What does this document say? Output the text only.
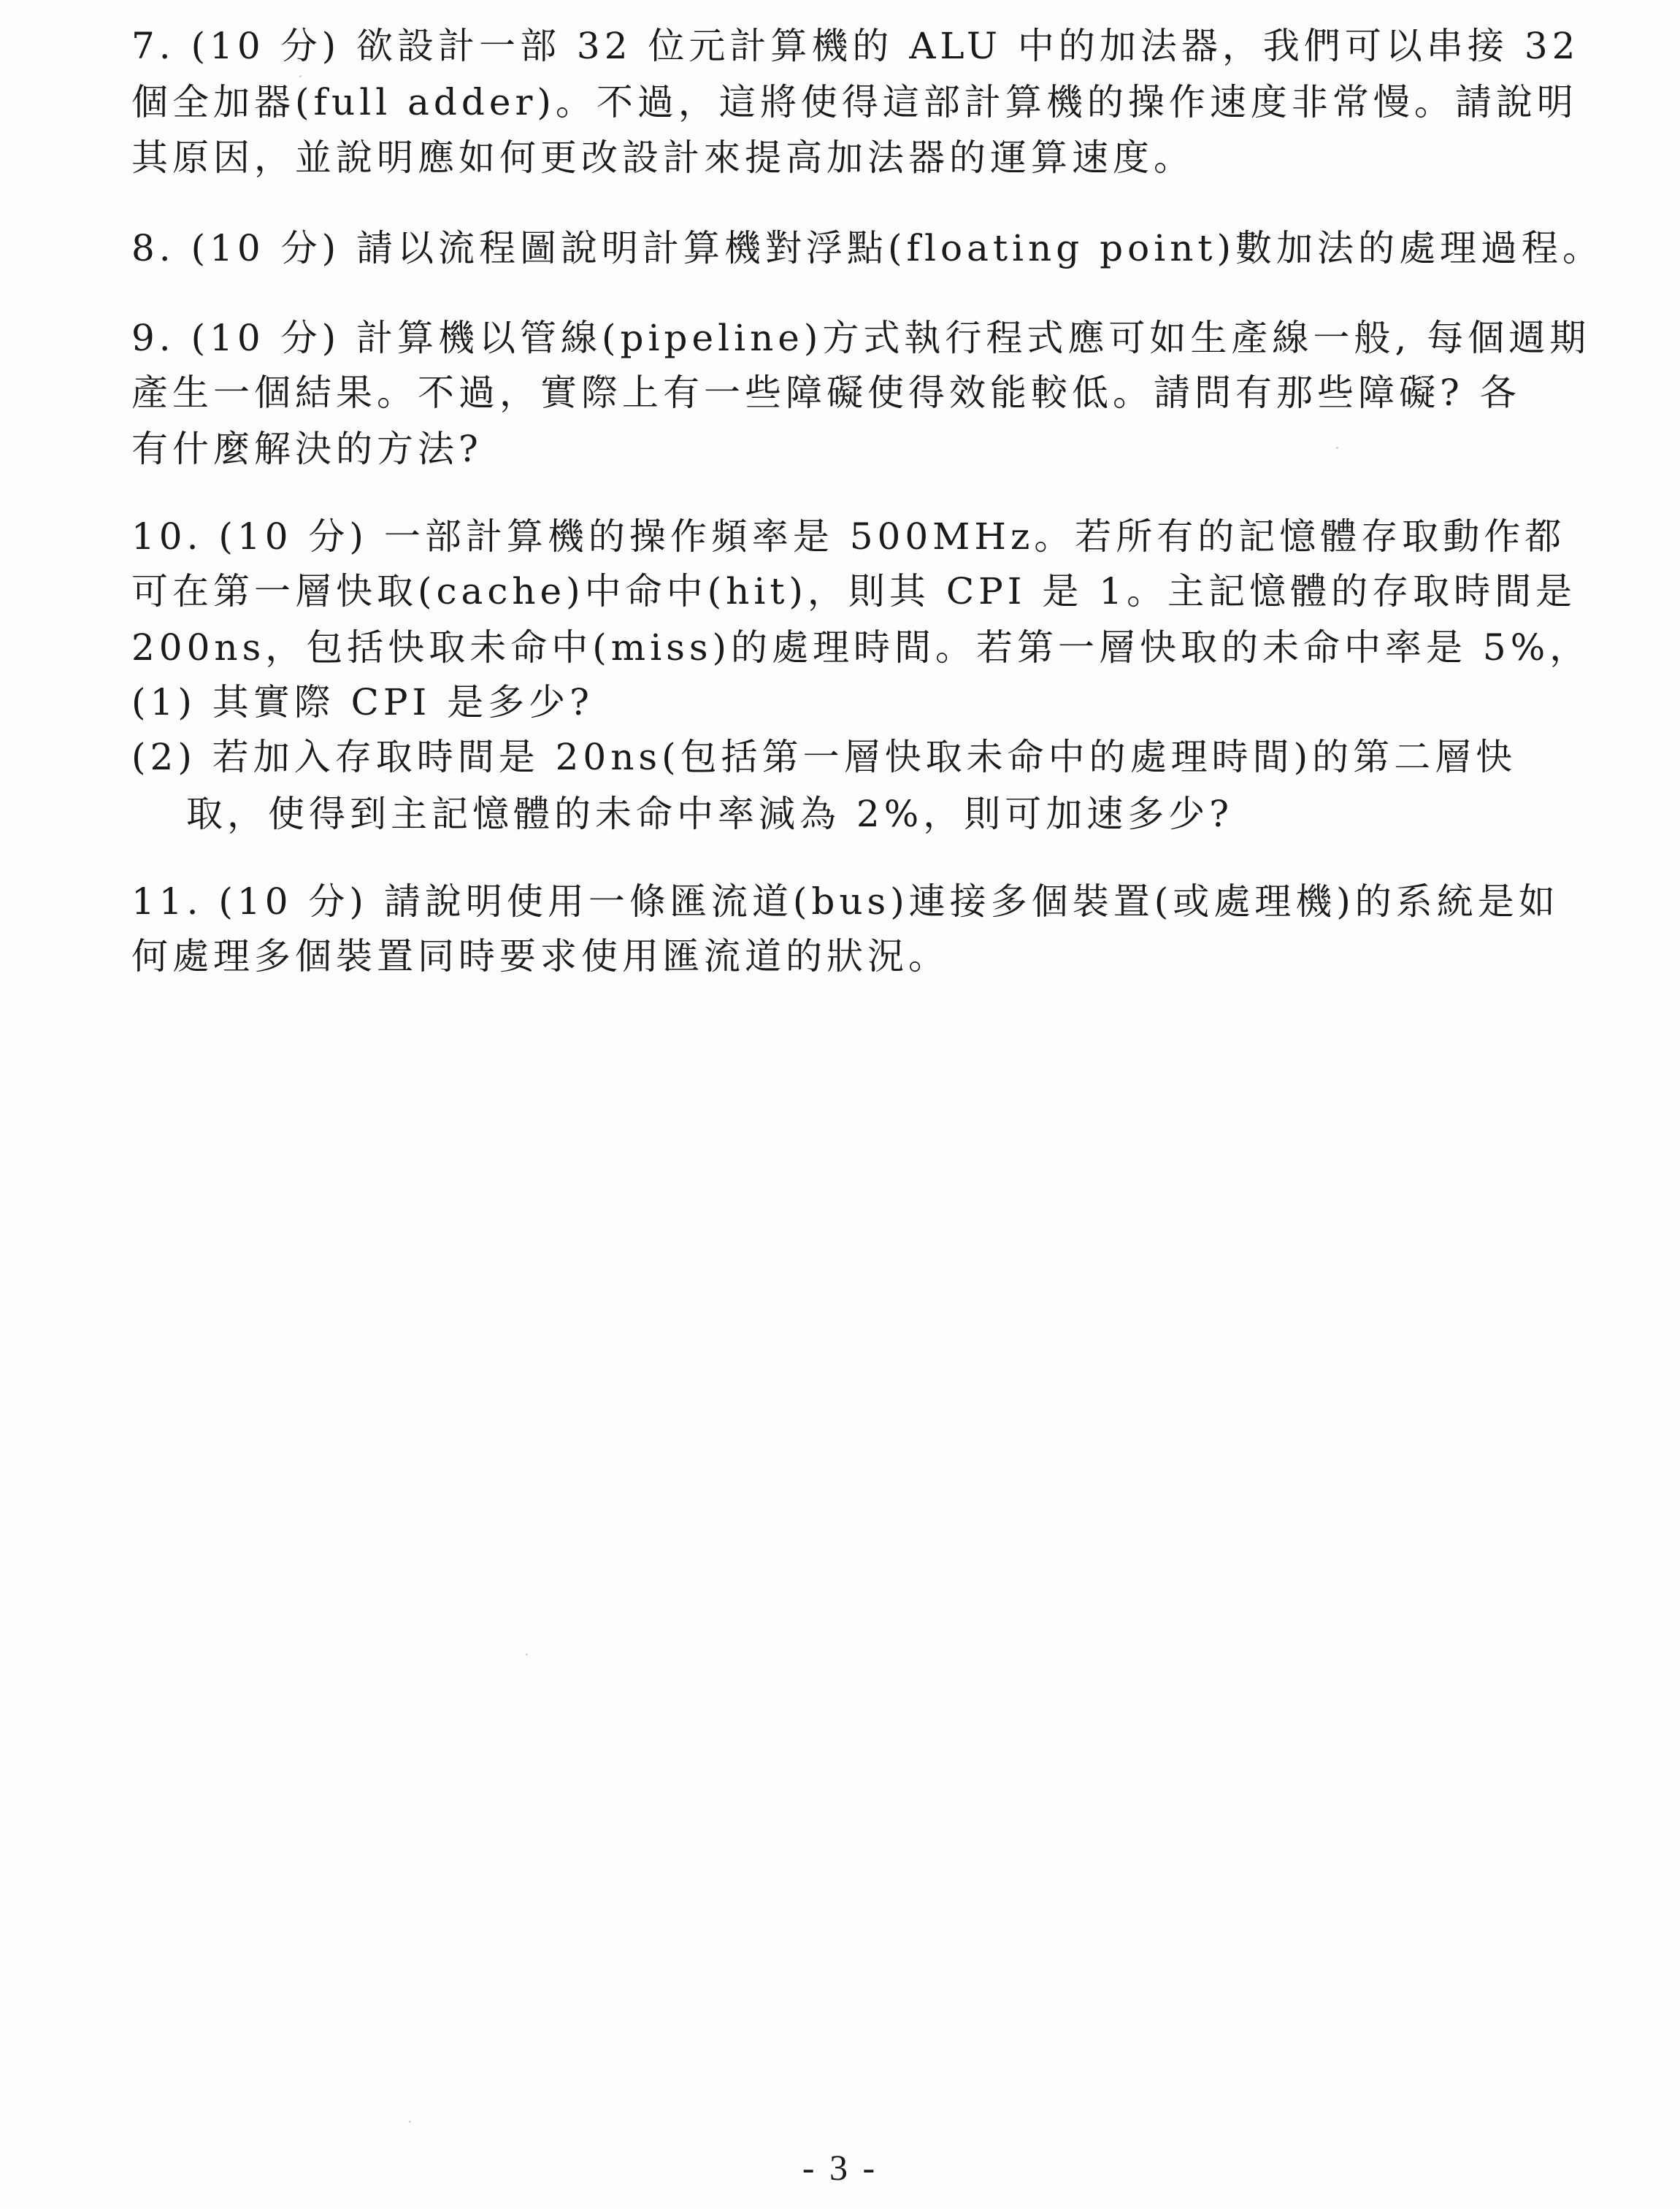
7. (10 分) 欲設計一部 32 位元計算機的 ALU 中的加法器，我們可以串接 32
個全加器(full adder)。不過，這將使得這部計算機的操作速度非常慢。請說明
其原因，並說明應如何更改設計來提高加法器的運算速度。
8. (10 分) 請以流程圖說明計算機對浮點(floating point)數加法的處理過程。
9. (10 分) 計算機以管線(pipeline)方式執行程式應可如生產線一般, 每個週期
產生一個結果。不過，實際上有一些障礙使得效能較低。請問有那些障礙? 各
有什麼解決的方法?
10. (10 分) 一部計算機的操作頻率是 500MHz。若所有的記憶體存取動作都
可在第一層快取(cache)中命中(hit)，則其 CPI 是 1。主記憶體的存取時間是
200ns，包括快取未命中(miss)的處理時間。若第一層快取的未命中率是 5%，
(1) 其實際 CPI 是多少?
(2) 若加入存取時間是 20ns(包括第一層快取未命中的處理時間)的第二層快
取，使得到主記憶體的未命中率減為 2%，則可加速多少?
11. (10 分) 請說明使用一條匯流道(bus)連接多個裝置(或處理機)的系統是如
何處理多個裝置同時要求使用匯流道的狀況。
- 3 -
